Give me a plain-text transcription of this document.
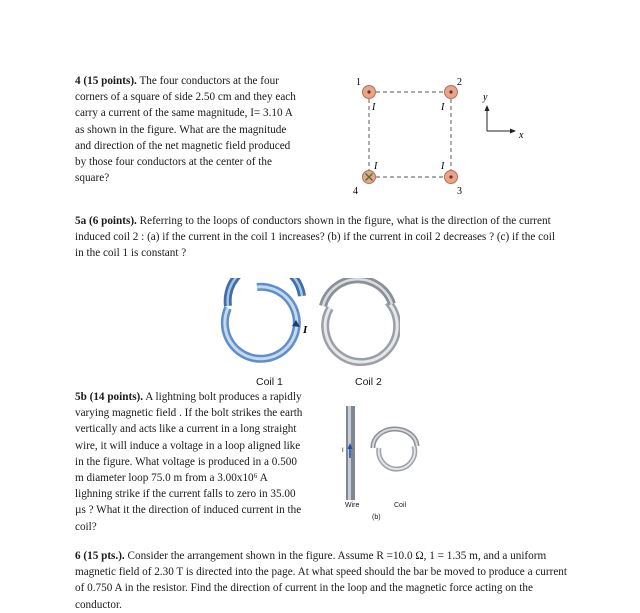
4 (15 points). The four conductors at the four corners of a square of side 2.50 cm and they each carry a current of the same magnitude, I= 3.10 A as shown in the figure. What are the magnitude and direction of the net magnetic field produced by those four conductors at the center of the square?
1	2
3
4
I	I
I
I
y
x
5a (6 points). Referring to the loops of conductors shown in the figure, what is the direction of the current induced coil 2 : (a) if the current in the coil 1 increases? (b) if the current in coil 2 decreases ? (c) if the coil in the coil 1 is constant ?
I
Coil 1	Coil 2
5b (14 points). A lightning bolt produces a rapidly varying magnetic field . If the bolt strikes the earth vertically and acts like a current in a long straight wire, it will induce a voltage in a loop aligned like in the figure. What voltage is produced in a 0.500 m diameter loop 75.0 m from a 3.00x10⁶ A lighning strike if the current falls to zero in 35.00 µs ? What it the direction of induced current in the coil?
I
Wire	Coil
(b)
6 (15 pts.). Consider the arrangement shown in the figure. Assume R =10.0 Ω, 1 = 1.35 m, and a uniform magnetic field of 2.30 T is directed into the page. At what speed should the bar be moved to produce a current of 0.750 A in the resistor. Find the direction of current in the loop and the magnetic force acting on the conductor.
